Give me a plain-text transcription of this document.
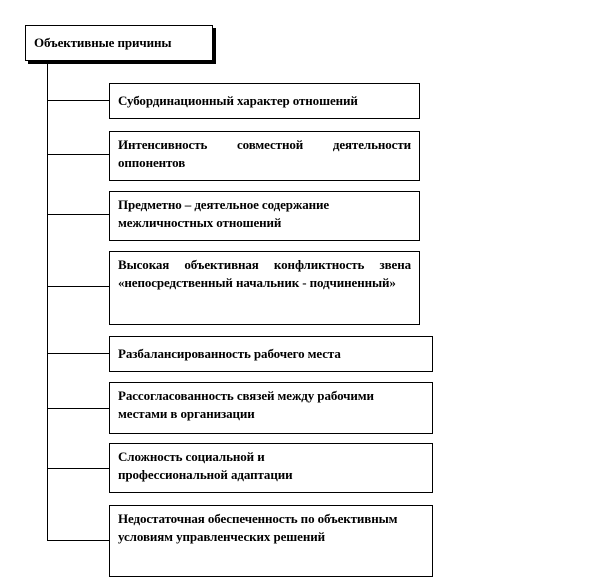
Объективные причины
Субординационный характер отношений
Интенсивность совместной деятельности оппонентов
Предметно – деятельное содержание межличностных отношений
Высокая объективная конфликтность звена «непосредственный начальник - подчиненный»
Разбалансированность рабочего места
Рассогласованность связей между рабочими местами в организации
Сложность социальной и профессиональной адаптации
Недостаточная обеспеченность по объективным условиям управленческих решений
